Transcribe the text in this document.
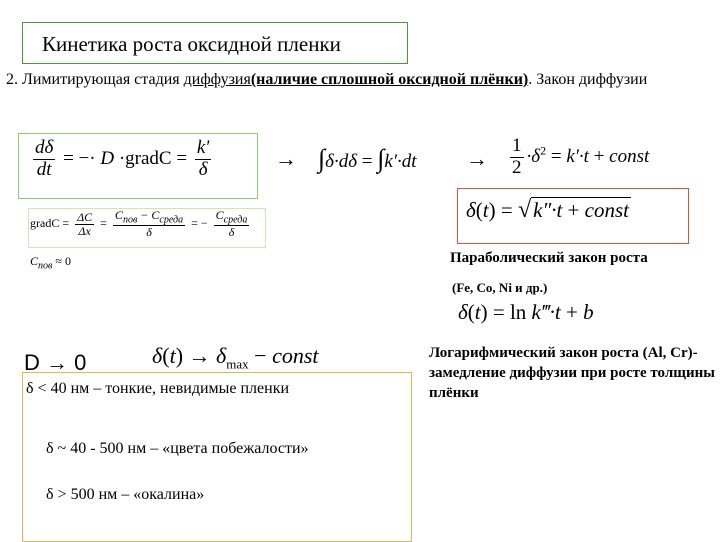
Кинетика роста оксидной пленки
2. Лимитирующая стадия диффузия(наличие сплошной оксидной плёнки). Закон диффузии
$\frac{d\delta}{dt}$ = −· D ·gradC = $\frac{k'}{\delta}$	→ $\int\delta\cdot d\delta = \int k'\cdot dt \to \frac{1}{2} \cdot\delta^2 = k'\cdot t$ + const
gradC = $\frac{\Delta C}{\Delta x} = \frac{C_{пов} - C_{среда}}{\delta}$ = − $\frac{C_{среда}}{\delta}$
$C_{пов} \approx 0$
δ(t) = √k″·t + const
Параболический закон роста
(Fe, Co, Ni и др.)
δ(t) = ln k‴·t + b
Логарифмический закон роста (Al, Cr)-замедление диффузии при росте толщины плёнки
D → 0	$\delta(t) \to \delta_{max}$ − const
δ < 40 нм – тонкие, невидимые пленки
δ ~ 40 - 500 нм – «цвета побежалости»
δ > 500 нм – «окалина»
